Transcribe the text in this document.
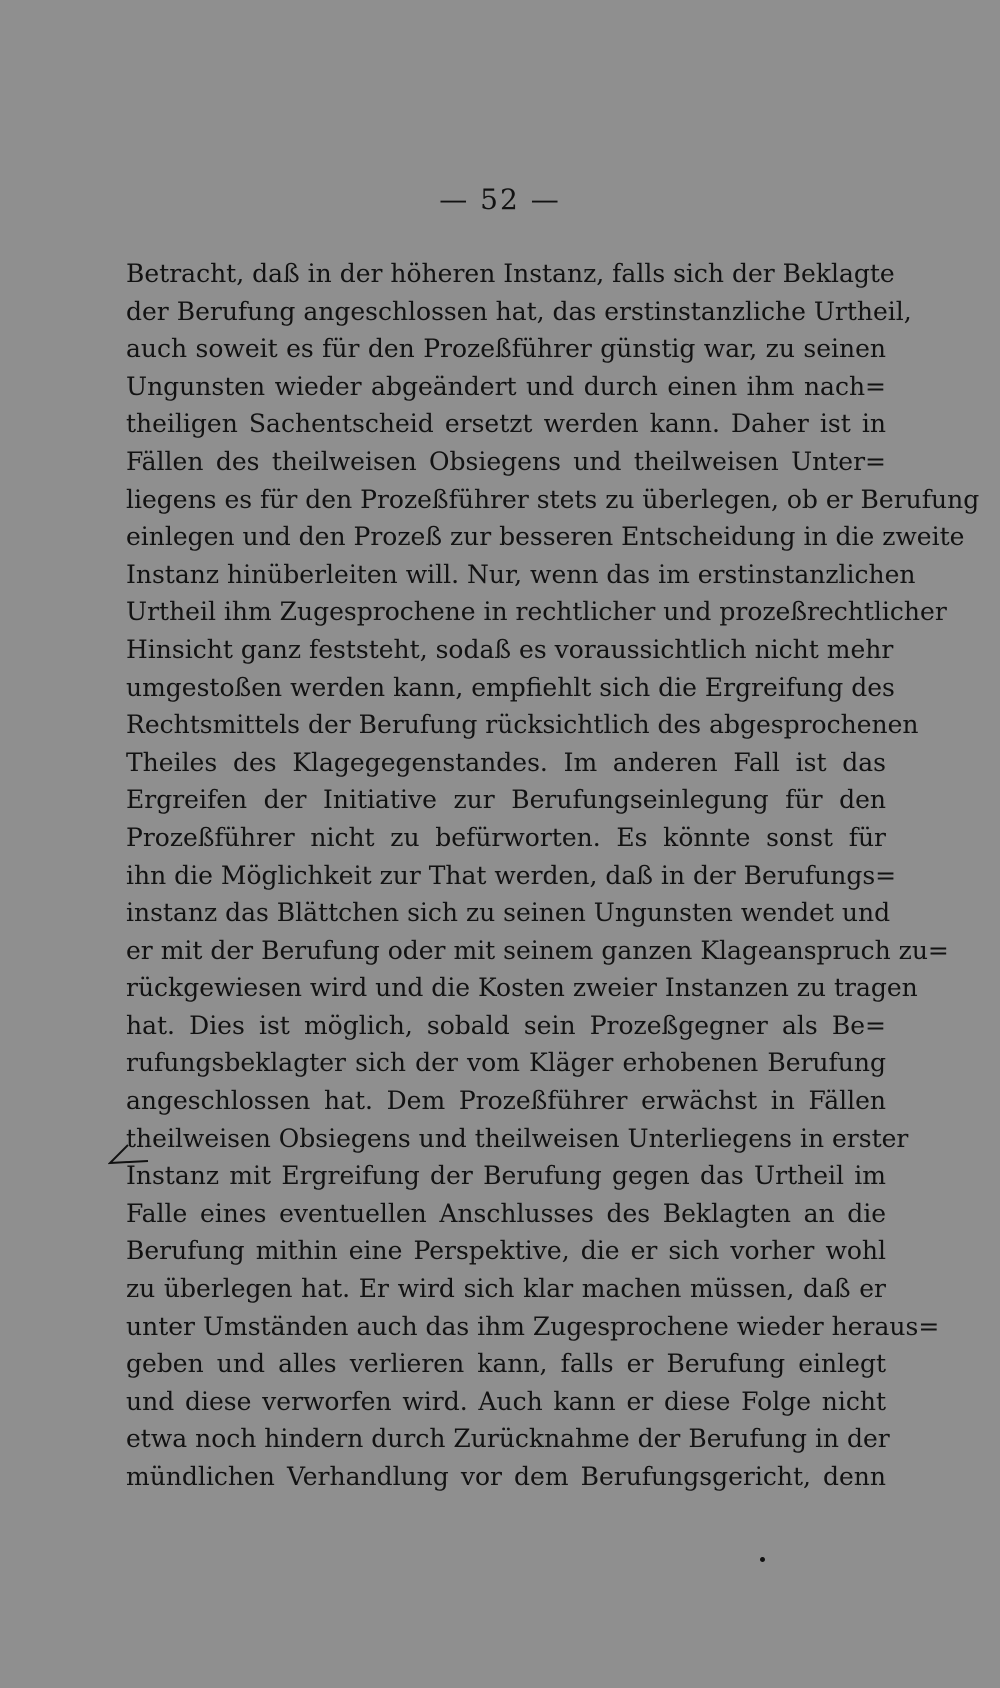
— 52 —
Betracht, daß in der höheren Instanz, falls sich der Beklagte
der Berufung angeschlossen hat, das erstinstanzliche Urtheil,
auch soweit es für den Prozeßführer günstig war, zu seinen
Ungunsten wieder abgeändert und durch einen ihm nach=
theiligen Sachentscheid ersetzt werden kann. Daher ist in
Fällen des theilweisen Obsiegens und theilweisen Unter=
liegens es für den Prozeßführer stets zu überlegen, ob er Berufung
einlegen und den Prozeß zur besseren Entscheidung in die zweite
Instanz hinüberleiten will. Nur, wenn das im erstinstanzlichen
Urtheil ihm Zugesprochene in rechtlicher und prozeßrechtlicher
Hinsicht ganz feststeht, sodaß es voraussichtlich nicht mehr
umgestoßen werden kann, empfiehlt sich die Ergreifung des
Rechtsmittels der Berufung rücksichtlich des abgesprochenen
Theiles des Klagegegenstandes. Im anderen Fall ist das
Ergreifen der Initiative zur Berufungseinlegung für den
Prozeßführer nicht zu befürworten. Es könnte sonst für
ihn die Möglichkeit zur That werden, daß in der Berufungs=
instanz das Blättchen sich zu seinen Ungunsten wendet und
er mit der Berufung oder mit seinem ganzen Klageanspruch zu=
rückgewiesen wird und die Kosten zweier Instanzen zu tragen
hat. Dies ist möglich, sobald sein Prozeßgegner als Be=
rufungsbeklagter sich der vom Kläger erhobenen Berufung
angeschlossen hat. Dem Prozeßführer erwächst in Fällen
theilweisen Obsiegens und theilweisen Unterliegens in erster
Instanz mit Ergreifung der Berufung gegen das Urtheil im
Falle eines eventuellen Anschlusses des Beklagten an die
Berufung mithin eine Perspektive, die er sich vorher wohl
zu überlegen hat. Er wird sich klar machen müssen, daß er
unter Umständen auch das ihm Zugesprochene wieder heraus=
geben und alles verlieren kann, falls er Berufung einlegt
und diese verworfen wird. Auch kann er diese Folge nicht
etwa noch hindern durch Zurücknahme der Berufung in der
mündlichen Verhandlung vor dem Berufungsgericht, denn
